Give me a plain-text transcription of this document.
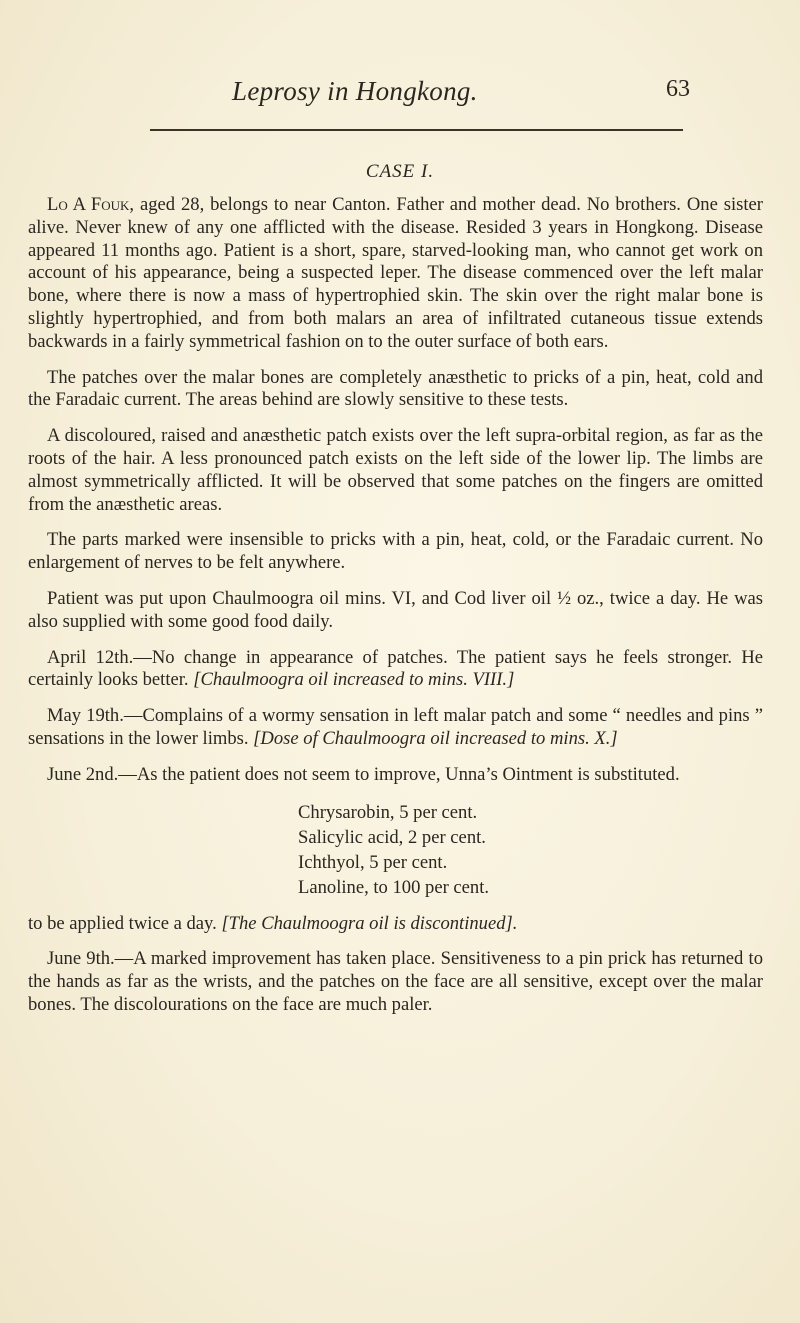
Leprosy in Hongkong.	63
CASE I.

Lo A Fouk, aged 28, belongs to near Canton. Father and mother dead. No brothers. One sister alive. Never knew of any one afflicted with the disease. Resided 3 years in Hongkong. Disease appeared 11 months ago. Patient is a short, spare, starved-looking man, who cannot get work on account of his appearance, being a suspected leper. The disease commenced over the left malar bone, where there is now a mass of hypertrophied skin. The skin over the right malar bone is slightly hypertrophied, and from both malars an area of infiltrated cutaneous tissue extends backwards in a fairly symmetrical fashion on to the outer surface of both ears.

The patches over the malar bones are completely anæsthetic to pricks of a pin, heat, cold and the Faradaic current. The areas behind are slowly sensitive to these tests.

A discoloured, raised and anæsthetic patch exists over the left supra-orbital region, as far as the roots of the hair. A less pronounced patch exists on the left side of the lower lip. The limbs are almost symmetrically afflicted. It will be observed that some patches on the fingers are omitted from the anæsthetic areas.

The parts marked were insensible to pricks with a pin, heat, cold, or the Faradaic current. No enlargement of nerves to be felt anywhere.

Patient was put upon Chaulmoogra oil mins. VI, and Cod liver oil ½ oz., twice a day. He was also supplied with some good food daily.

April 12th.—No change in appearance of patches. The patient says he feels stronger. He certainly looks better. [Chaulmoogra oil increased to mins. VIII.]

May 19th.—Complains of a wormy sensation in left malar patch and some “ needles and pins ” sensations in the lower limbs. [Dose of Chaulmoogra oil increased to mins. X.]

June 2nd.—As the patient does not seem to improve, Unna’s Ointment is substituted.

Chrysarobin, 5 per cent.
Salicylic acid, 2 per cent.
Ichthyol, 5 per cent.
Lanoline, to 100 per cent.

to be applied twice a day. [The Chaulmoogra oil is discontinued].

June 9th.—A marked improvement has taken place. Sensitiveness to a pin prick has returned to the hands as far as the wrists, and the patches on the face are all sensitive, except over the malar bones. The discolourations on the face are much paler.
